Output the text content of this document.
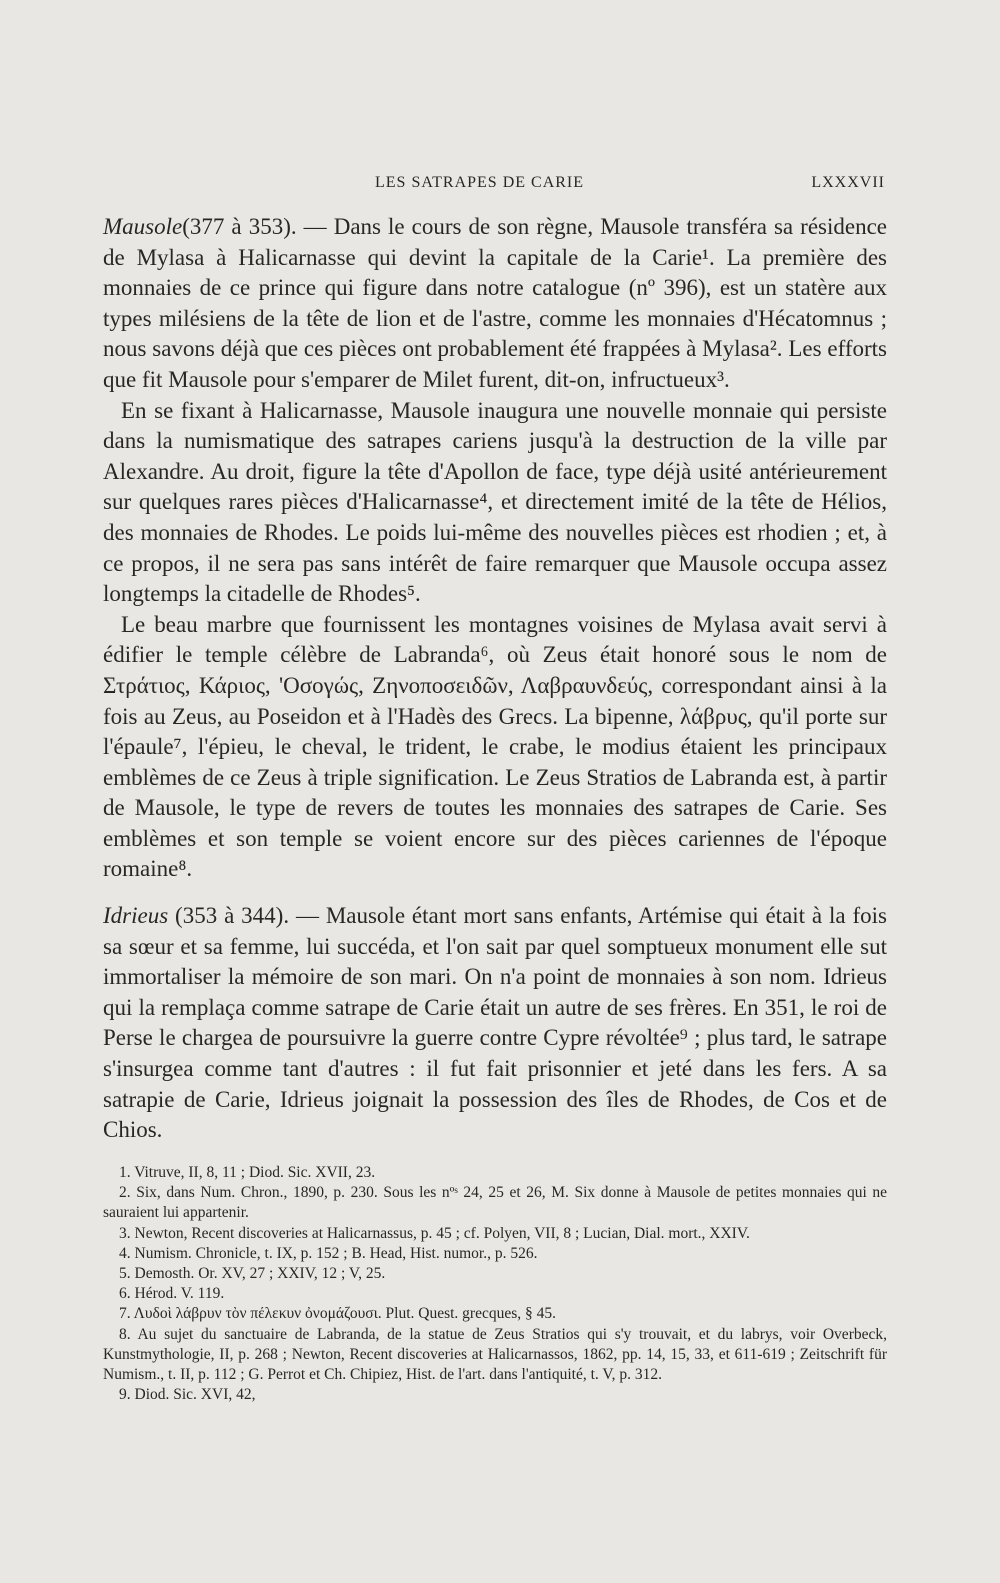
LES SATRAPES DE CARIE	LXXXVII

Mausole(377 à 353). — Dans le cours de son règne, Mausole transféra sa résidence de Mylasa à Halicarnasse qui devint la capitale de la Carie¹. La première des monnaies de ce prince qui figure dans notre catalogue (nº 396), est un statère aux types milésiens de la tête de lion et de l'astre, comme les monnaies d'Hécatomnus ; nous savons déjà que ces pièces ont probablement été frappées à Mylasa². Les efforts que fit Mausole pour s'emparer de Milet furent, dit-on, infructueux³.

En se fixant à Halicarnasse, Mausole inaugura une nouvelle monnaie qui persiste dans la numismatique des satrapes cariens jusqu'à la destruction de la ville par Alexandre. Au droit, figure la tête d'Apollon de face, type déjà usité antérieurement sur quelques rares pièces d'Halicarnasse⁴, et directement imité de la tête de Hélios, des monnaies de Rhodes. Le poids lui-même des nouvelles pièces est rhodien ; et, à ce propos, il ne sera pas sans intérêt de faire remarquer que Mausole occupa assez longtemps la citadelle de Rhodes⁵.

Le beau marbre que fournissent les montagnes voisines de Mylasa avait servi à édifier le temple célèbre de Labranda⁶, où Zeus était honoré sous le nom de Στράτιος, Κάριος, 'Οσογώς, Ζηνοποσειδῶν, Λαβραυνδεύς, correspondant ainsi à la fois au Zeus, au Poseidon et à l'Hadès des Grecs. La bipenne, λάβρυς, qu'il porte sur l'épaule⁷, l'épieu, le cheval, le trident, le crabe, le modius étaient les principaux emblèmes de ce Zeus à triple signification. Le Zeus Stratios de Labranda est, à partir de Mausole, le type de revers de toutes les monnaies des satrapes de Carie. Ses emblèmes et son temple se voient encore sur des pièces cariennes de l'époque romaine⁸.

Idrieus (353 à 344). — Mausole étant mort sans enfants, Artémise qui était à la fois sa sœur et sa femme, lui succéda, et l'on sait par quel somptueux monument elle sut immortaliser la mémoire de son mari. On n'a point de monnaies à son nom. Idrieus qui la remplaça comme satrape de Carie était un autre de ses frères. En 351, le roi de Perse le chargea de poursuivre la guerre contre Cypre révoltée⁹ ; plus tard, le satrape s'insurgea comme tant d'autres : il fut fait prisonnier et jeté dans les fers. A sa satrapie de Carie, Idrieus joignait la possession des îles de Rhodes, de Cos et de Chios.

1. Vitruve, II, 8, 11 ; Diod. Sic. XVII, 23.

2. Six, dans Num. Chron., 1890, p. 230. Sous les nºˢ 24, 25 et 26, M. Six donne à Mausole de petites monnaies qui ne sauraient lui appartenir.

3. Newton, Recent discoveries at Halicarnassus, p. 45 ; cf. Polyen, VII, 8 ; Lucian, Dial. mort., XXIV.

4. Numism. Chronicle, t. IX, p. 152 ; B. Head, Hist. numor., p. 526.

5. Demosth. Or. XV, 27 ; XXIV, 12 ; V, 25.

6. Hérod. V. 119.

7. Λυδοὶ λάβρυν τὸν πέλεκυν ὀνομάζουσι. Plut. Quest. grecques, § 45.

8. Au sujet du sanctuaire de Labranda, de la statue de Zeus Stratios qui s'y trouvait, et du labrys, voir Overbeck, Kunstmythologie, II, p. 268 ; Newton, Recent discoveries at Halicarnassos, 1862, pp. 14, 15, 33, et 611-619 ; Zeitschrift für Numism., t. II, p. 112 ; G. Perrot et Ch. Chipiez, Hist. de l'art. dans l'antiquité, t. V, p. 312.

9. Diod. Sic. XVI, 42,
